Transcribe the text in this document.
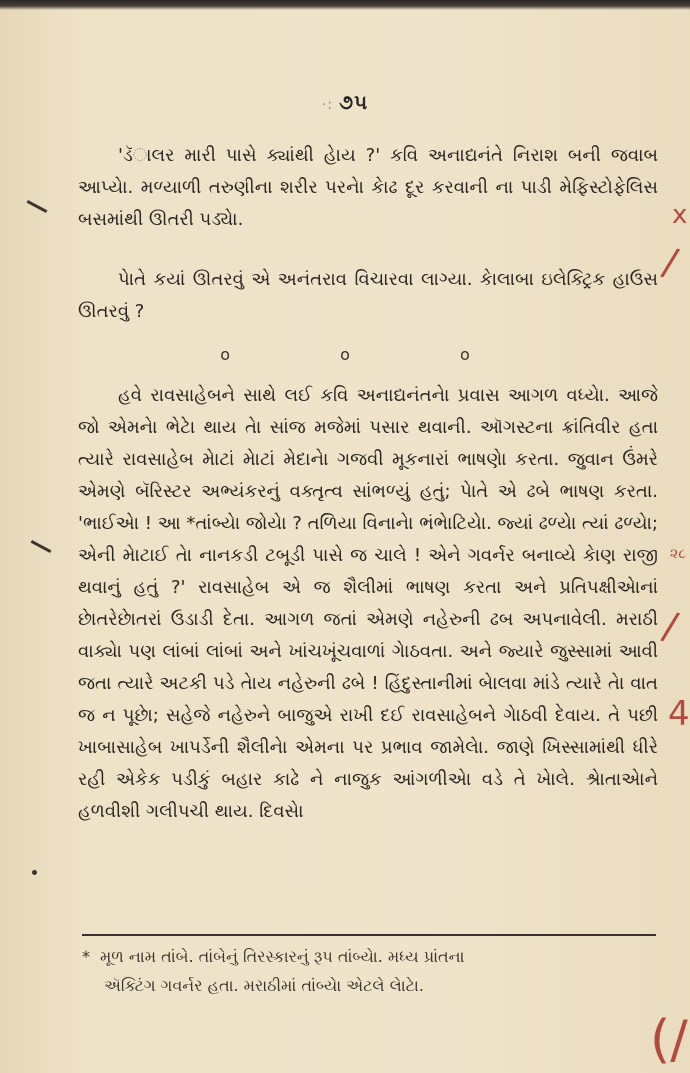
·: ૭૫
'ડૅાલર મારી પાસે ક્યાંથી હેાય ?' કવિ અનાદ્યનંતે નિરાશ બની જવાબ આપ્યેા. મળ્યાળી તરુણીના શરીર પરનેા કેાઢ દૂર કરવાની ના પાડી મેફિસ્ટોફેલિસ બસમાંથી ઊતરી પડ્યેા.
પેાતે કયાં ઊતરવું એ અનંતરાવ વિચારવા લાગ્યા. કેાલાબા ઇલેક્ટ્રિક હાઉસ ઊતરવું ?
o	o	o
હવે રાવસાહેબને સાથે લઈ કવિ અનાદ્યનંતનેા પ્રવાસ આગળ વધ્યેા. આજે જો એમનેા ભેટેા થાય તેા સાંજ મજેમાં પસાર થવાની. ઑગસ્ટના ક્રાંતિવીર હતા ત્યારે રાવસાહેબ મેાટાં મેાટાં મેદાનેા ગજવી મૂકનારાં ભાષણેા કરતા. જુવાન ઉંમરે એમણે બૅરિસ્ટર અભ્યંકરનું વક્તૃત્વ સાંભળ્યું હતું; પેાતે એ ઢબે ભાષણ કરતા. 'ભાઈએા ! આ *તાંબ્યેા જોયેા ? તળિયા વિનાનેા ભંભેાટિયેા. જ્યાં ઢળ્યેા ત્યાં ઢળ્યેા; એની મેાટાઈ તેા નાનકડી ટબૂડી પાસે જ ચાલે ! એને ગવર્નર બનાવ્યે કેાણ રાજી થવાનું હતું ?' રાવસાહેબ એ જ શૈલીમાં ભાષણ કરતા અને પ્રતિપક્ષીએાનાં છેાતરેછેાતરાં ઉડાડી દેતા. આગળ જતાં એમણે નહેરુની ઢબ અપનાવેલી. મરાઠી વાક્યેા પણ લાંબાં લાંબાં અને ખાંચખૂંચવાળાં ગેાઠવતા. અને જ્યારે જુસ્સામાં આવી જતા ત્યારે અટકી પડે તેાય નહેરુની ઢબે ! હિંદુસ્તાનીમાં બેાલવા માંડે ત્યારે તેા વાત જ ન પૂછેા; સહેજે નહેરુને બાજુએ રાખી દઈ રાવસાહેબને ગેાઠવી દેવાય. તે પછી ખાબાસાહેબ ખાપર્ડેની શૈલીનેા એમના પર પ્રભાવ જામેલેા. જાણે ખિસ્સામાંથી ધીરે રહી એકેક પડીકું બહાર કાઢે ને નાજુક આંગળીએા વડે તે ખેાલે. શ્રેાતાએાને હળવીશી ગલીપચી થાય. દિવસેા
* મૂળ નામ તાંબે. તાંબેનું તિરસ્કારનું રૂપ તાંબ્યેા. મધ્ય પ્રાંતના
ઍક્ટિંગ ગવર્નર હતા. મરાઠીમાં તાંબ્યેા એટલે લેાટેા.
x
/
૨૮
/
4
(/
